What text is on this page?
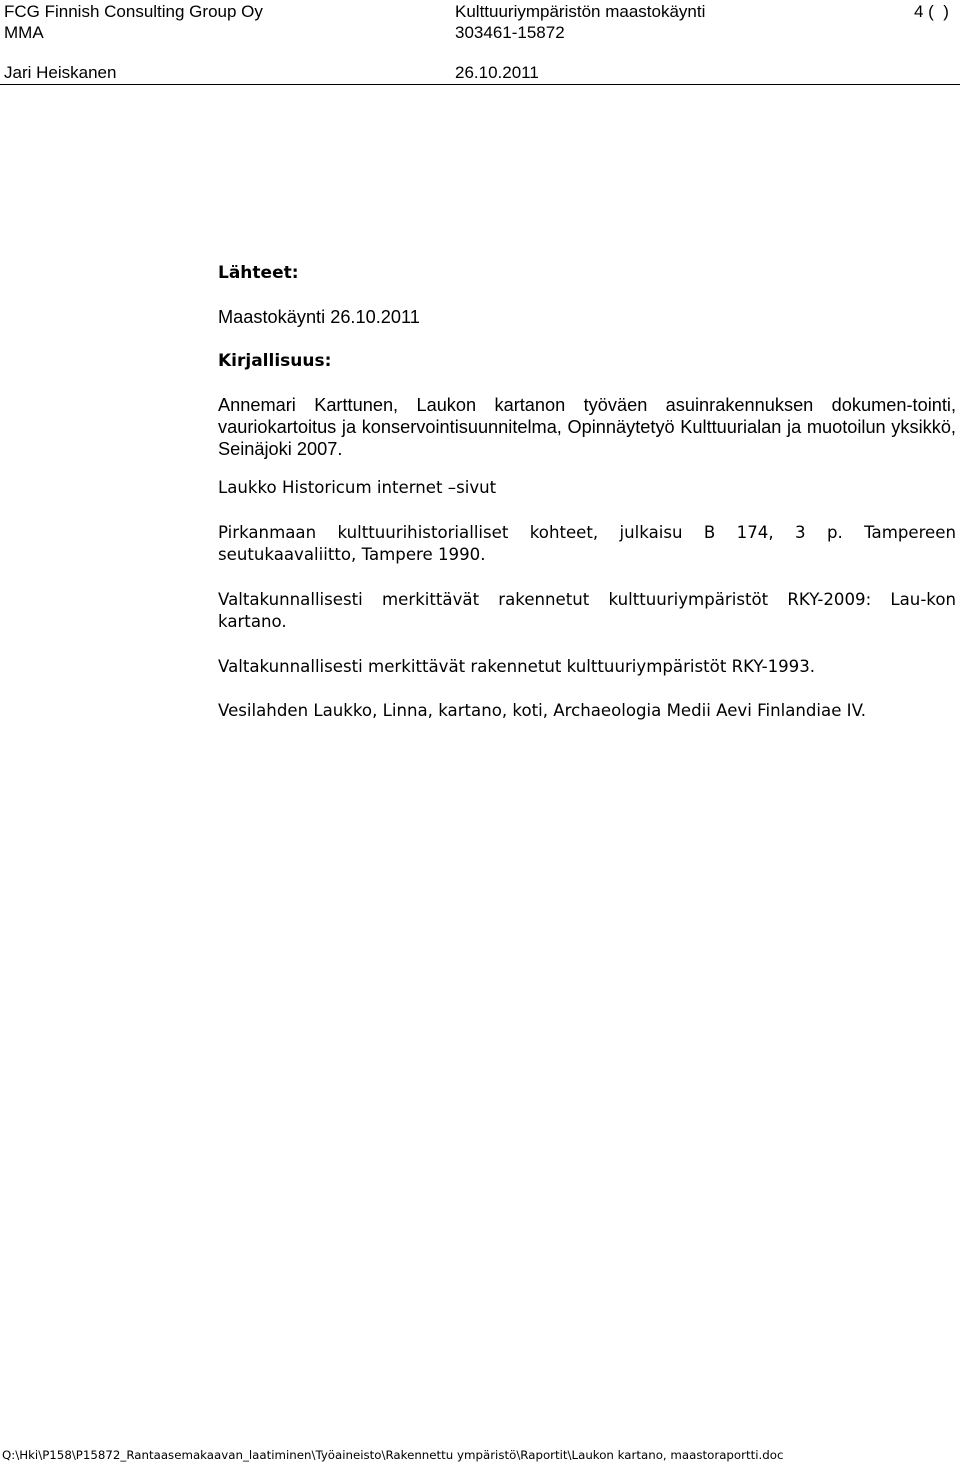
FCG Finnish Consulting Group Oy
MMA
Jari Heiskanen
Kulttuuriympäristön maastokäynti
303461-15872
26.10.2011
4 (  )

Lähteet:

Maastokäynti 26.10.2011

Kirjallisuus:

Annemari Karttunen, Laukon kartanon työväen asuinrakennuksen dokumen-tointi, vauriokartoitus ja konservointisuunnitelma, Opinnäytetyö Kulttuurialan ja muotoilun yksikkö, Seinäjoki 2007.

Laukko Historicum internet –sivut

Pirkanmaan kulttuurihistorialliset kohteet, julkaisu B 174, 3 p. Tampereen seutukaavaliitto, Tampere 1990.

Valtakunnallisesti merkittävät rakennetut kulttuuriympäristöt RKY-2009: Lau-kon kartano.

Valtakunnallisesti merkittävät rakennetut kulttuuriympäristöt RKY-1993.

Vesilahden Laukko, Linna, kartano, koti, Archaeologia Medii Aevi Finlandiae IV.

Q:\Hki\P158\P15872_Rantaasemakaavan_laatiminen\Työaineisto\Rakennettu ympäristö\Raportit\Laukon kartano, maastoraportti.doc
